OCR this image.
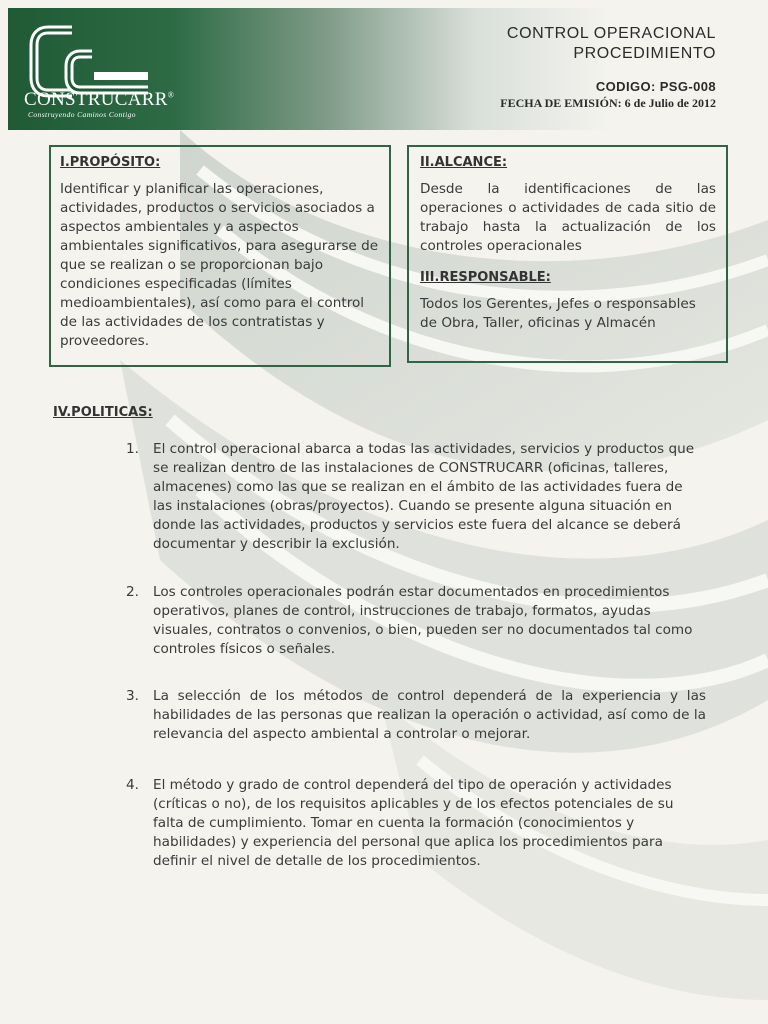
CONSTRUCARR®
Construyendo Caminos Contigo
CONTROL OPERACIONAL
PROCEDIMIENTO
CODIGO: PSG-008
FECHA DE EMISIÓN: 6 de Julio de 2012
I.PROPÓSITO:

Identificar y planificar las operaciones, actividades, productos o servicios asociados a aspectos ambientales y a aspectos ambientales significativos, para asegurarse de que se realizan o se proporcionan bajo condiciones especificadas (límites medioambientales), así como para el control de las actividades de los contratistas y proveedores.

II.ALCANCE:

Desde la identificaciones de las operaciones o actividades de cada sitio de trabajo hasta la actualización de los controles operacionales

III.RESPONSABLE:

Todos los Gerentes, Jefes o responsables de Obra, Taller, oficinas y Almacén

IV.POLITICAS:
1.	El control operacional abarca a todas las actividades, servicios y productos que se realizan dentro de las instalaciones de CONSTRUCARR (oficinas, talleres, almacenes) como las que se realizan en el ámbito de las actividades fuera de las instalaciones (obras/proyectos). Cuando se presente alguna situación en donde las actividades, productos y servicios este fuera del alcance se deberá documentar y describir la exclusión.
2.	Los controles operacionales podrán estar documentados en procedimientos operativos, planes de control, instrucciones de trabajo, formatos, ayudas visuales, contratos o convenios, o bien, pueden ser no documentados tal como controles físicos o señales.
3.	La selección de los métodos de control dependerá de la experiencia y las habilidades de las personas que realizan la operación o actividad, así como de la relevancia del aspecto ambiental a controlar o mejorar.
4.	El método y grado de control dependerá del tipo de operación y actividades (críticas o no), de los requisitos aplicables y de los efectos potenciales de su falta de cumplimiento. Tomar en cuenta la formación (conocimientos y habilidades) y experiencia del personal que aplica los procedimientos para definir el nivel de detalle de los procedimientos.
